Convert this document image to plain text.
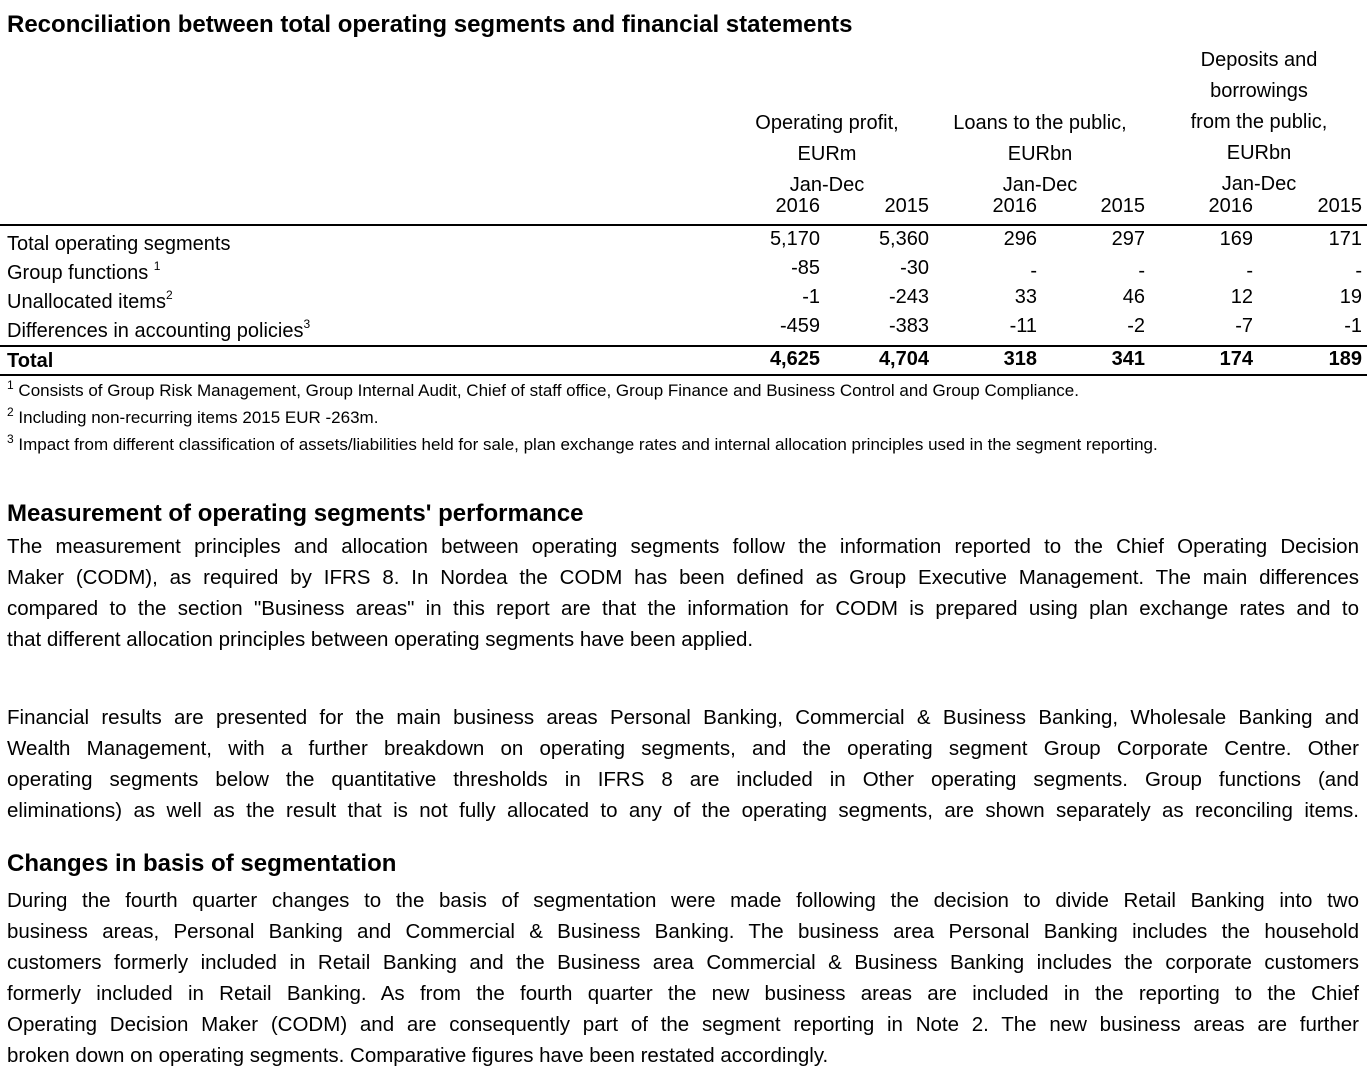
Reconciliation between total operating segments and financial statements
Operating profit,
EURm
Jan-Dec
Loans to the public,
EURbn
Jan-Dec
Deposits and
borrowings
from the public,
EURbn
Jan-Dec
2016	2015	2016	2015	2016	2015
Total operating segments	5,170	5,360	296	297	169	171
Group functions $^1$	-85	-30	-	-	-	-
Unallocated items$^2$	-1	-243	33	46	12	19
Differences in accounting policies$^3$	-459	-383	-11	-2	-7	-1
Total	4,625	4,704	318	341	174	189
$^1$ Consists of Group Risk Management, Group Internal Audit, Chief of staff office, Group Finance and Business Control and Group Compliance.
$^2$ Including non-recurring items 2015 EUR -263m.
$^3$ Impact from different classification of assets/liabilities held for sale, plan exchange rates and internal allocation principles used in the segment reporting.
Measurement of operating segments' performance
The measurement principles and allocation between operating segments follow the information reported to the Chief Operating Decision
Maker (CODM), as required by IFRS 8. In Nordea the CODM has been defined as Group Executive Management. The main differences
compared to the section "Business areas" in this report are that the information for CODM is prepared using plan exchange rates and to
that different allocation principles between operating segments have been applied.
Financial results are presented for the main business areas Personal Banking, Commercial & Business Banking, Wholesale Banking and
Wealth Management, with a further breakdown on operating segments, and the operating segment Group Corporate Centre. Other
operating segments below the quantitative thresholds in IFRS 8 are included in Other operating segments. Group functions (and
eliminations) as well as the result that is not fully allocated to any of the operating segments, are shown separately as reconciling items.
Changes in basis of segmentation
During the fourth quarter changes to the basis of segmentation were made following the decision to divide Retail Banking into two
business areas, Personal Banking and Commercial & Business Banking. The business area Personal Banking includes the household
customers formerly included in Retail Banking and the Business area Commercial & Business Banking includes the corporate customers
formerly included in Retail Banking. As from the fourth quarter the new business areas are included in the reporting to the Chief
Operating Decision Maker (CODM) and are consequently part of the segment reporting in Note 2. The new business areas are further
broken down on operating segments. Comparative figures have been restated accordingly.
